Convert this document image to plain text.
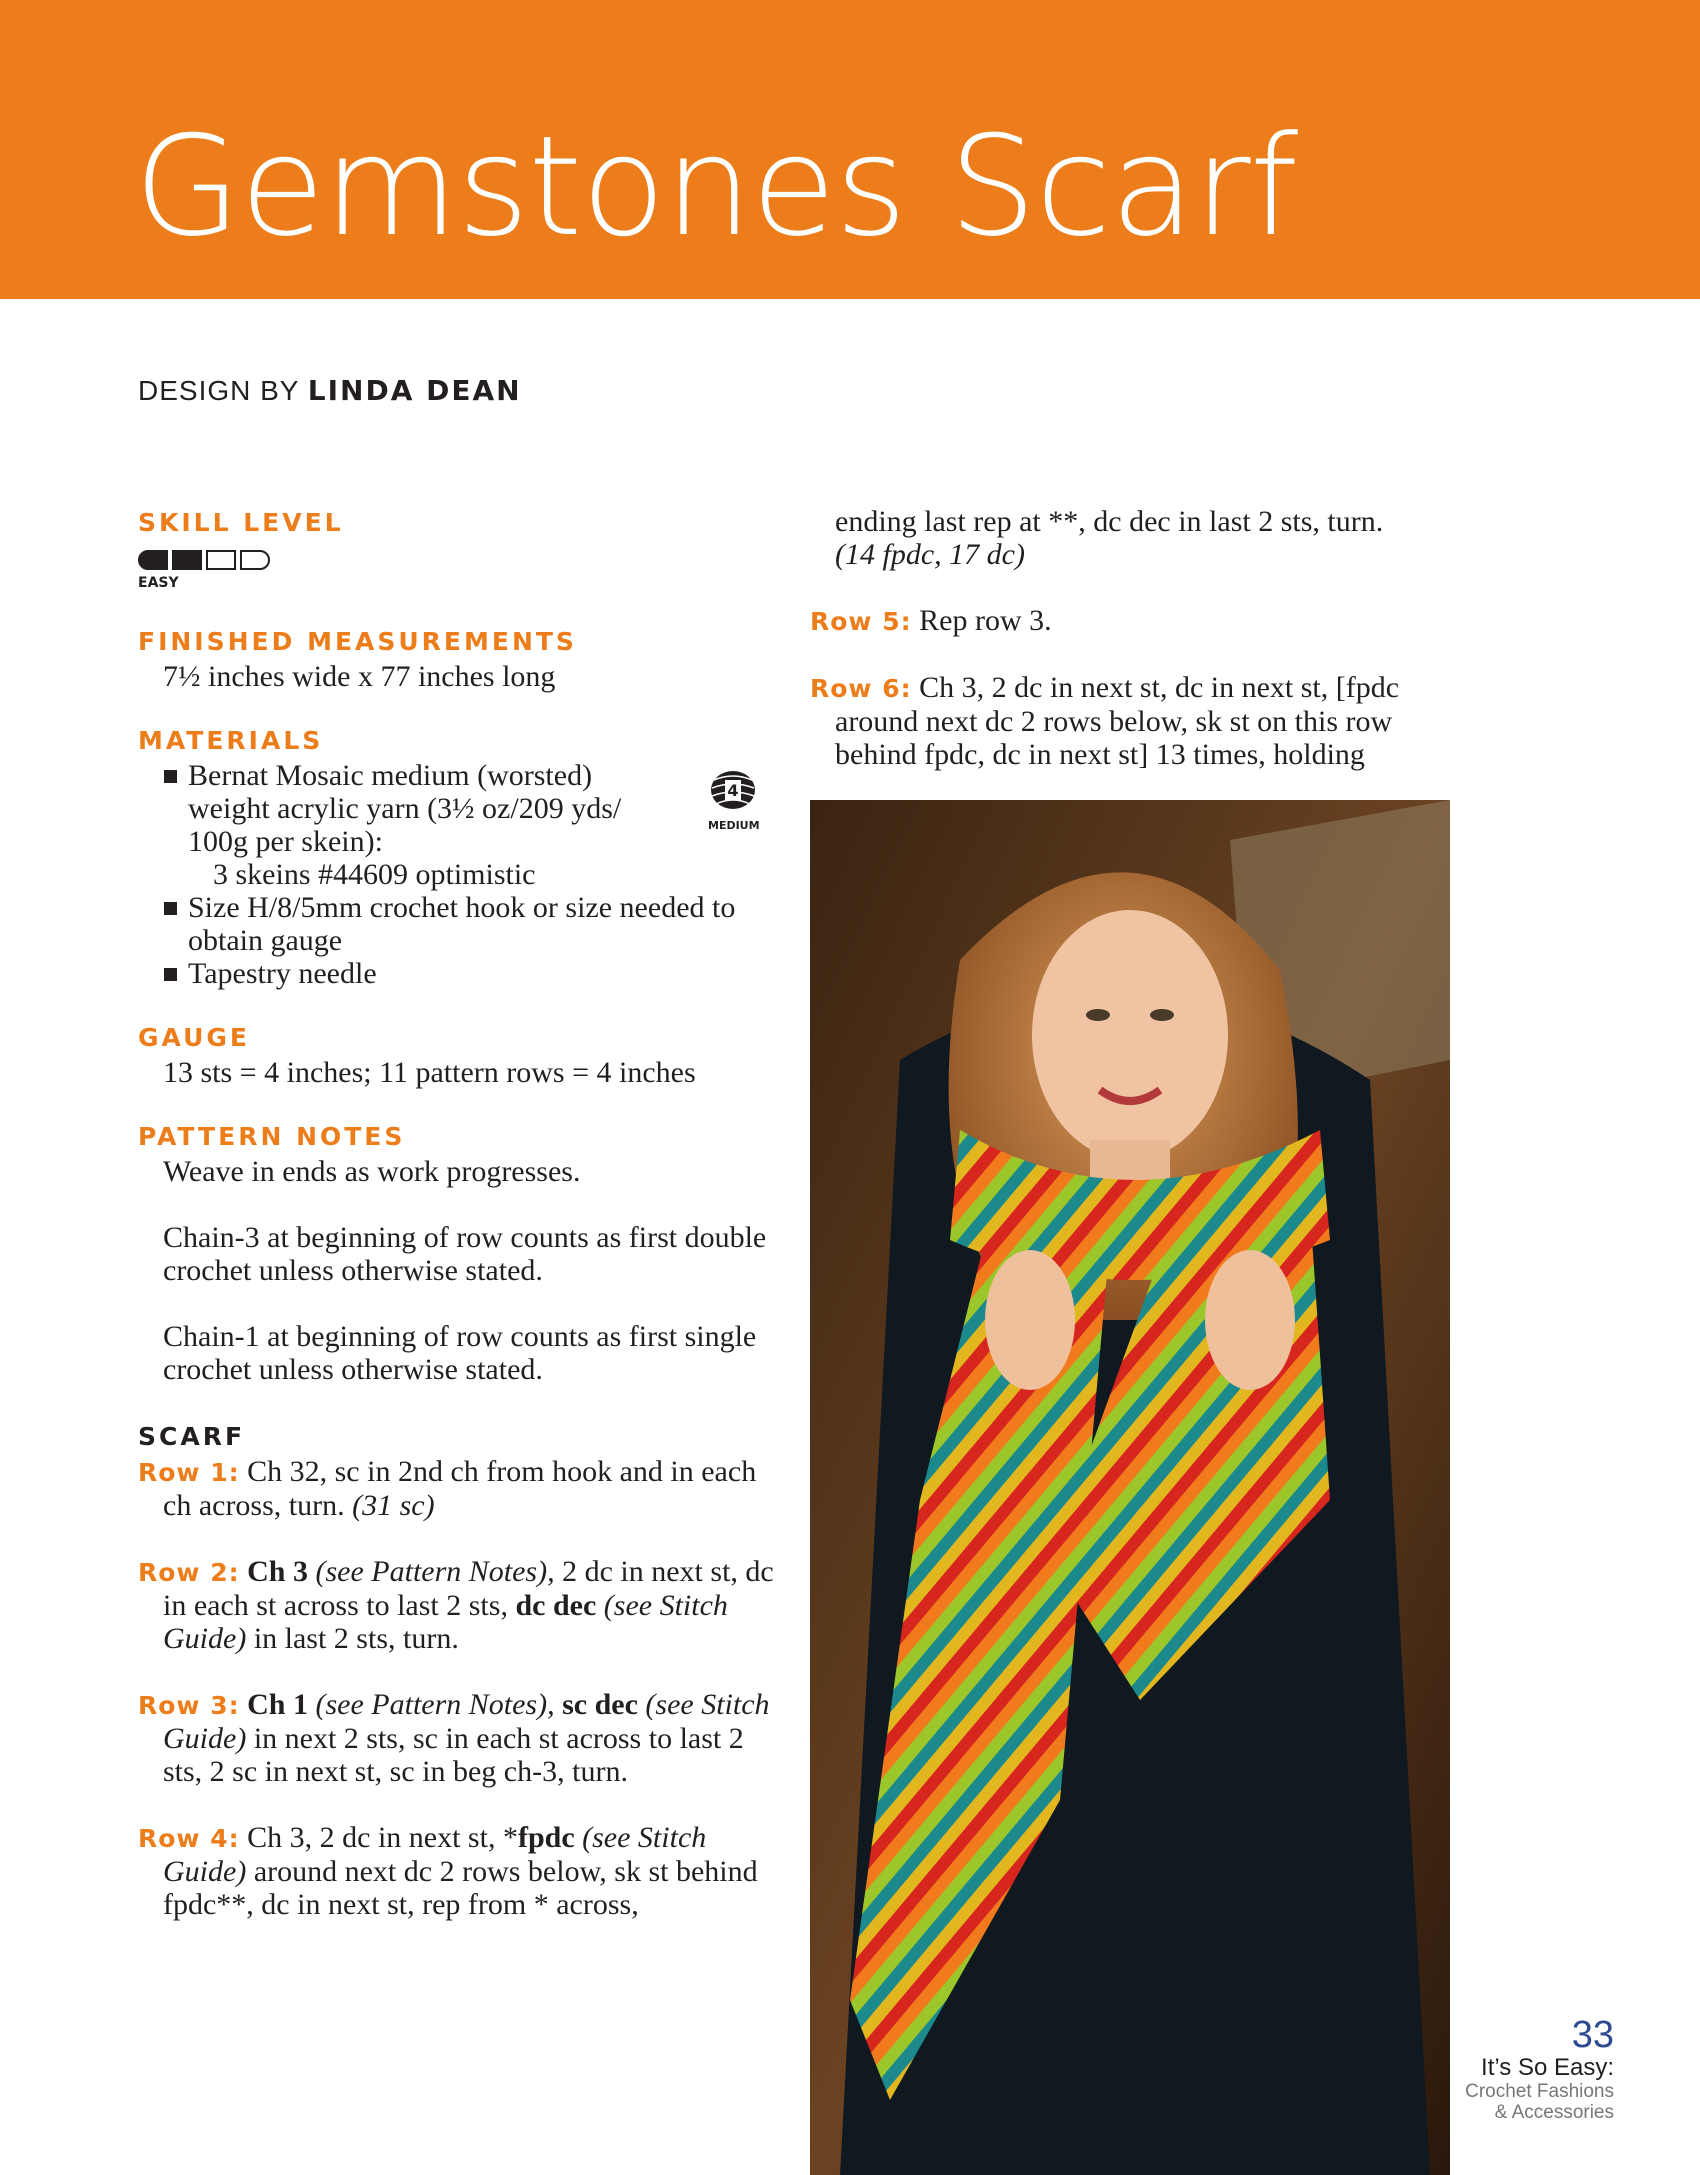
Gemstones Scarf
DESIGN BY LINDA DEAN

SKILL LEVEL

EASY

FINISHED MEASUREMENTS

7½ inches wide x 77 inches long

MATERIALS

Bernat Mosaic medium (worsted) weight acrylic yarn (3½ oz/209 yds/ 100g per skein):
3 skeins #44609 optimistic
Size H/8/5mm crochet hook or size needed to obtain gauge
Tapestry needle

GAUGE

13 sts = 4 inches; 11 pattern rows = 4 inches

PATTERN NOTES

Weave in ends as work progresses.

Chain-3 at beginning of row counts as first double crochet unless otherwise stated.

Chain-1 at beginning of row counts as first single crochet unless otherwise stated.

SCARF

Row 1: Ch 32, sc in 2nd ch from hook and in each ch across, turn. (31 sc)

Row 2: Ch 3 (see Pattern Notes), 2 dc in next st, dc in each st across to last 2 sts, dc dec (see Stitch Guide) in last 2 sts, turn.

Row 3: Ch 1 (see Pattern Notes), sc dec (see Stitch Guide) in next 2 sts, sc in each st across to last 2 sts, 2 sc in next st, sc in beg ch-3, turn.

Row 4: Ch 3, 2 dc in next st, *fpdc (see Stitch Guide) around next dc 2 rows below, sk st behind fpdc**, dc in next st, rep from * across,

4
MEDIUM

ending last rep at **, dc dec in last 2 sts, turn.

(14 fpdc, 17 dc)

Row 5: Rep row 3.

Row 6: Ch 3, 2 dc in next st, dc in next st, [fpdc around next dc 2 rows below, sk st on this row behind fpdc, dc in next st] 13 times, holding

33
It’s So Easy:
Crochet Fashions
& Accessories
